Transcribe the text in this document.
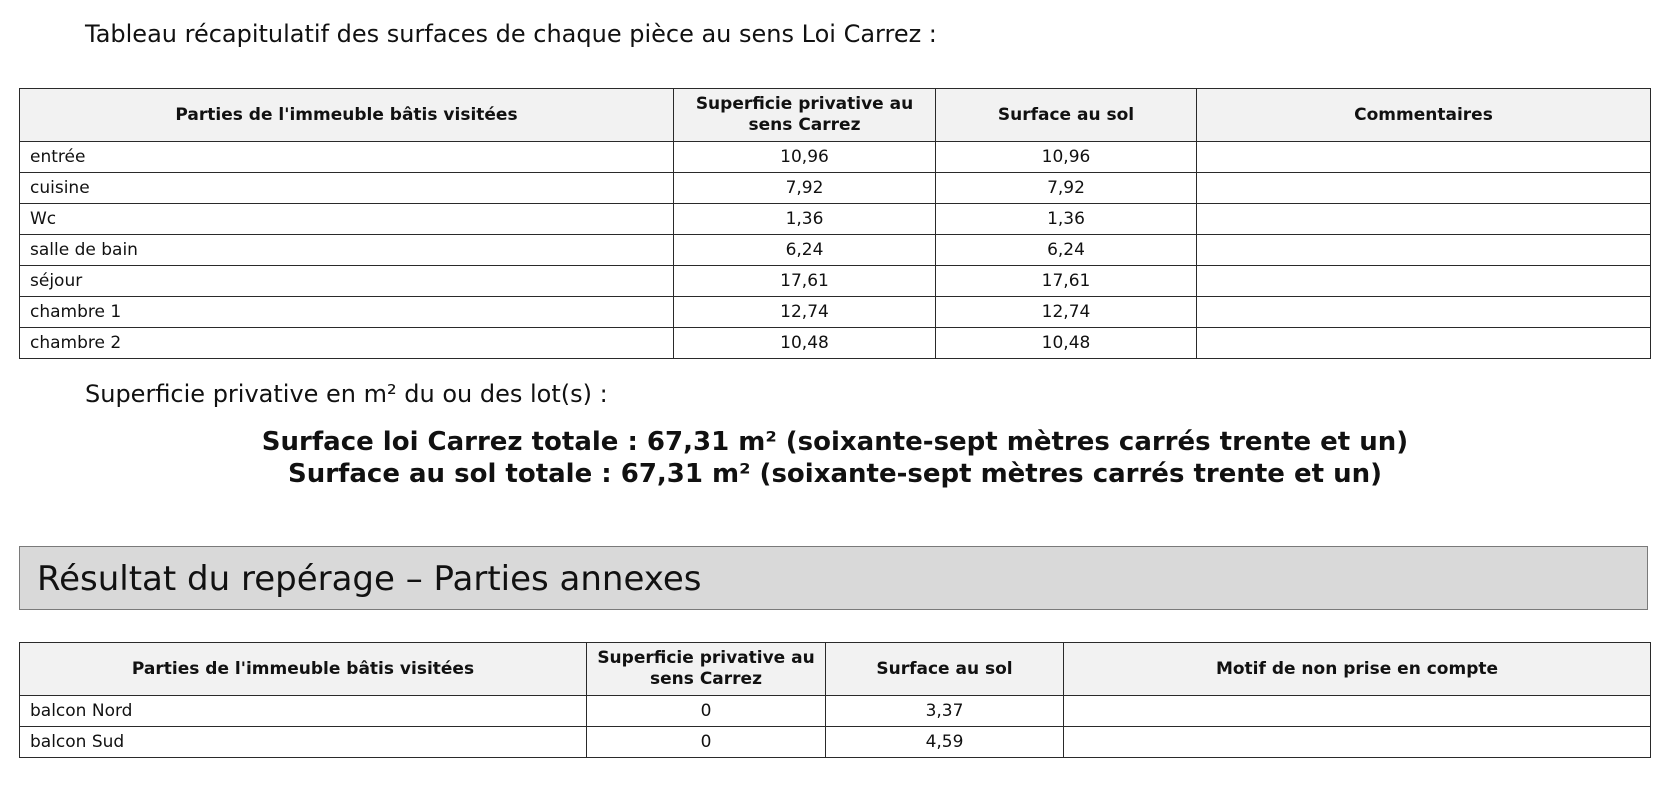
Tableau récapitulatif des surfaces de chaque pièce au sens Loi Carrez :
Parties de l'immeuble bâtis visitées	Superficie privative au sens Carrez	Surface au sol	Commentaires
entrée	10,96	10,96	
cuisine	7,92	7,92	
Wc	1,36	1,36	
salle de bain	6,24	6,24	
séjour	17,61	17,61	
chambre 1	12,74	12,74	
chambre 2	10,48	10,48	
Superficie privative en m² du ou des lot(s) :
Surface loi Carrez totale : 67,31 m² (soixante-sept mètres carrés trente et un)
Surface au sol totale : 67,31 m² (soixante-sept mètres carrés trente et un)
Résultat du repérage – Parties annexes
Parties de l'immeuble bâtis visitées	Superficie privative au sens Carrez	Surface au sol	Motif de non prise en compte
balcon Nord	0	3,37	
balcon Sud	0	4,59	
